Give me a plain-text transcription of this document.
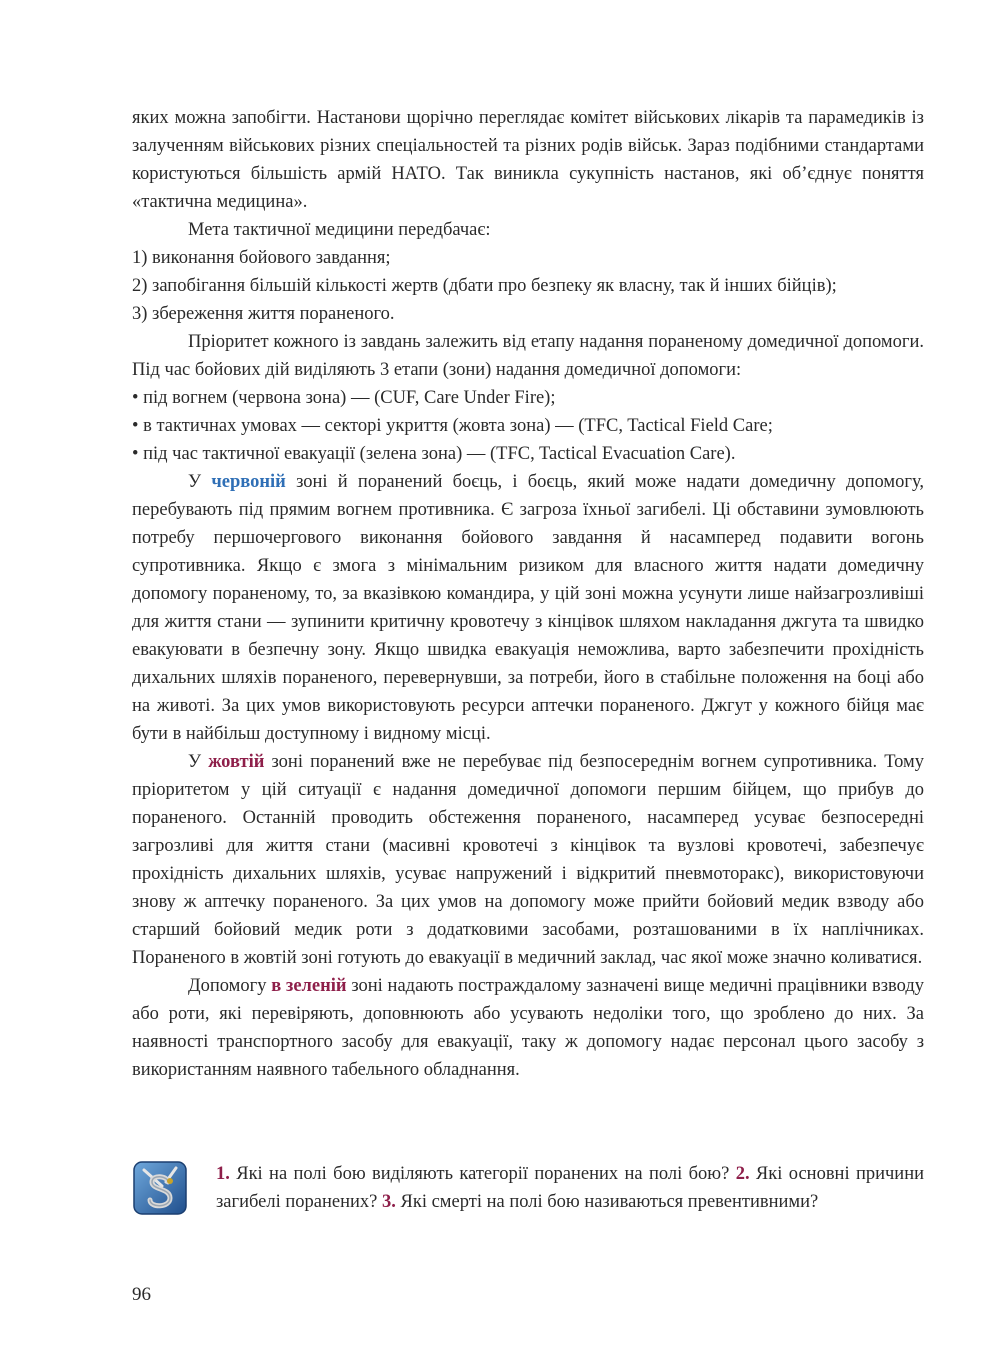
яких можна запобігти. Настанови щорічно переглядає комітет військових лікарів та парамедиків із залученням військових різних спеціальностей та різних родів військ. Зараз подібними стандартами користуються більшість армій НАТО. Так виникла сукупність настанов, які об’єднує поняття «тактична медицина».

Мета тактичної медицини передбачає:

1) виконання бойового завдання;

2) запобігання більшій кількості жертв (дбати про безпеку як власну, так й інших бійців);

3) збереження життя пораненого.

Пріоритет кожного із завдань залежить від етапу надання пораненому домедичної допомоги. Під час бойових дій виділяють 3 етапи (зони) надання домедичної допомоги:

• під вогнем (червона зона) — (CUF, Care Under Fire);

• в тактичнах умовах — секторі укриття (жовта зона) — (TFC, Tactical Field Care;

• під час тактичної евакуації (зелена зона) — (TFC, Tactical Evacuation Care).

У червоній зоні й поранений боєць, і боєць, який може надати домедичну допомогу, перебувають під прямим вогнем противника. Є загроза їхньої загибелі. Ці обставини зумовлюють потребу першочергового виконання бойового завдання й насамперед подавити вогонь супротивника. Якщо є змога з мінімальним ризиком для власного життя надати домедичну допомогу пораненому, то, за вказівкою командира, у цій зоні можна усунути лише найзагрозливіші для життя стани — зупинити критичну кровотечу з кінцівок шляхом накладання джгута та швидко евакуювати в безпечну зону. Якщо швидка евакуація неможлива, варто забезпечити прохідність дихальних шляхів пораненого, перевернувши, за потреби, його в стабільне положення на боці або на животі. За цих умов використовують ресурси аптечки пораненого. Джгут у кожного бійця має бути в найбільш доступному і видному місці.

У жовтій зоні поранений вже не перебуває під безпосереднім вогнем супротивника. Тому пріоритетом у цій ситуації є надання домедичної допомоги першим бійцем, що прибув до пораненого. Останній проводить обстеження пораненого, насамперед усуває безпосередні загрозливі для життя стани (масивні кровотечі з кінцівок та вузлові кровотечі, забезпечує прохідність дихальних шляхів, усуває напружений і відкритий пневмоторакс), використовуючи знову ж аптечку пораненого. За цих умов на допомогу може прийти бойовий медик взводу або старший бойовий медик роти з додатковими засобами, розташованими в їх наплічниках. Пораненого в жовтій зоні готують до евакуації в медичний заклад, час якої може значно коливатися.

Допомогу в зеленій зоні надають постраждалому зазначені вище медичні працівники взводу або роти, які перевіряють, доповнюють або усувають недоліки того, що зроблено до них. За наявності транспортного засобу для евакуації, таку ж допомогу надає персонал цього засобу з використанням наявного табельного обладнання.

1. Які на полі бою виділяють категорії поранених на полі бою? 2. Які основні причини загибелі поранених? 3. Які смерті на полі бою називаються превентивними?
96
